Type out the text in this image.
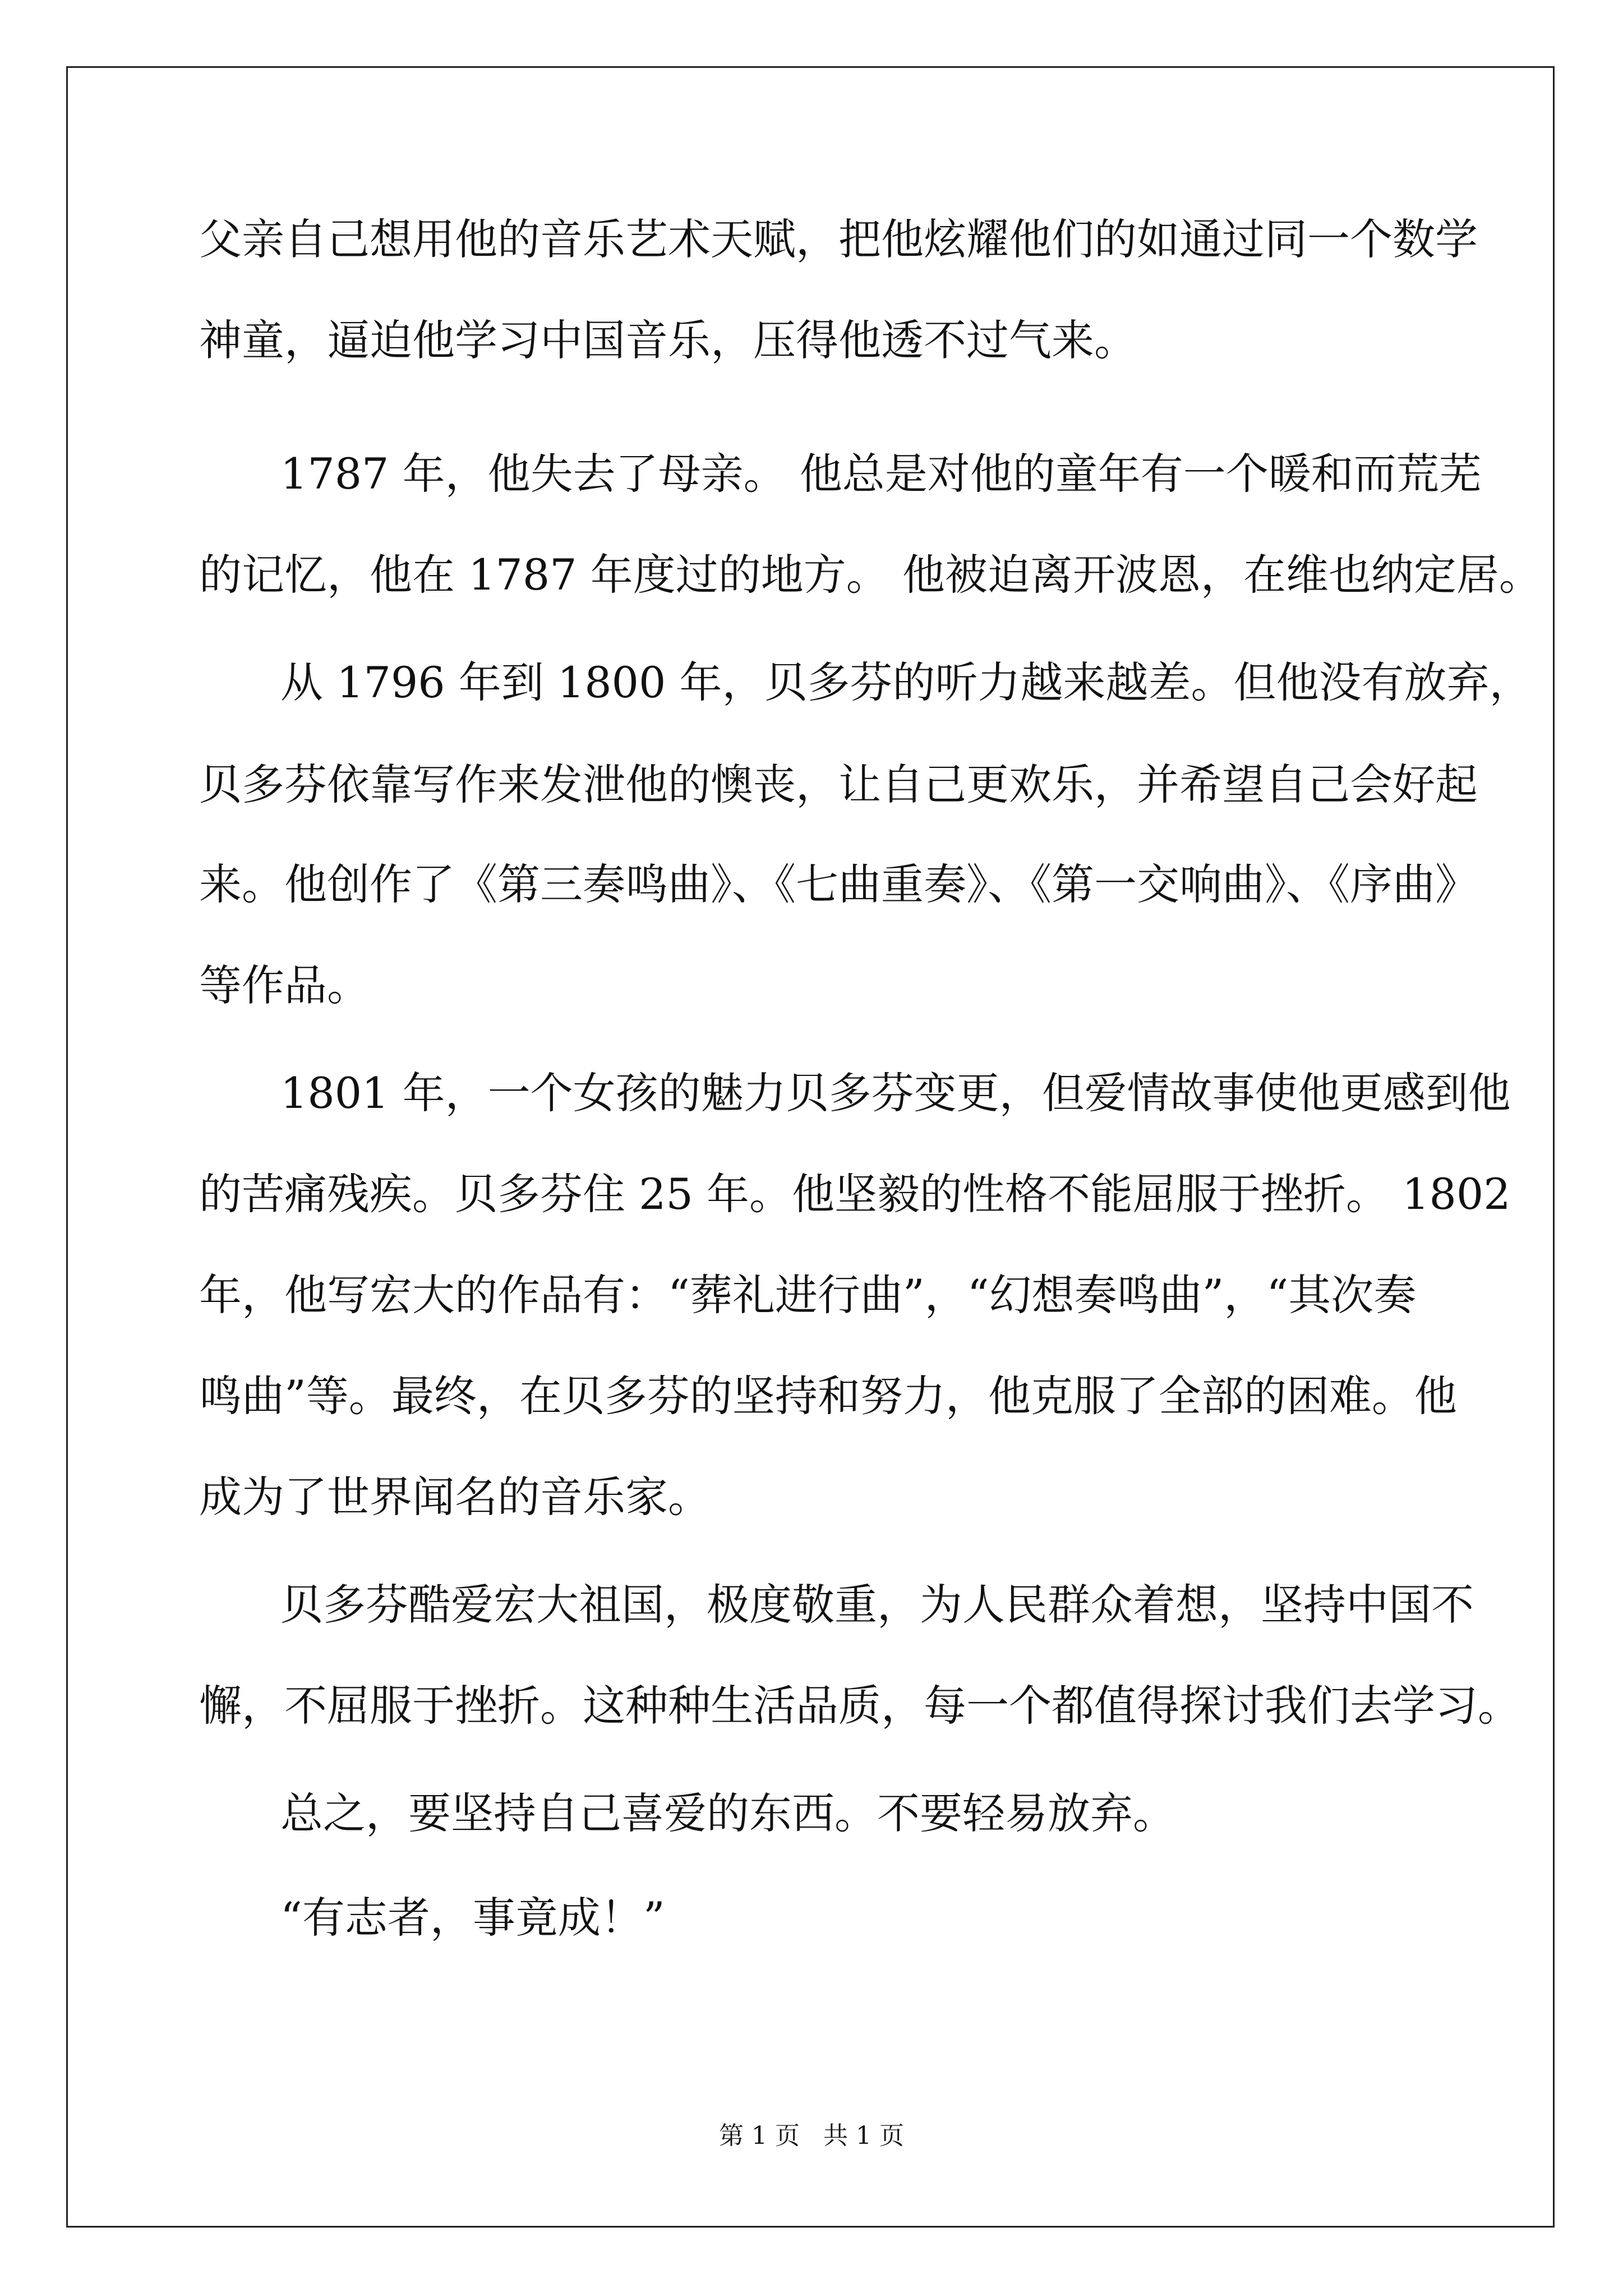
父亲自己想用他的音乐艺术天赋，把他炫耀他们的如通过同一个数学
神童，逼迫他学习中国音乐，压得他透不过气来。
1787 年，他失去了母亲。 他总是对他的童年有一个暖和而荒芜
的记忆，他在 1787 年度过的地方。 他被迫离开波恩，在维也纳定居。
从 1796 年到 1800 年，贝多芬的听力越来越差。但他没有放弃，
贝多芬依靠写作来发泄他的懊丧，让自己更欢乐，并希望自己会好起
来。他创作了《第三奏鸣曲》、《七曲重奏》、《第一交响曲》、《序曲》
等作品。
1801 年，一个女孩的魅力贝多芬变更，但爱情故事使他更感到他
的苦痛残疾。贝多芬住 25 年。他坚毅的性格不能屈服于挫折。 1802
年，他写宏大的作品有：“葬礼进行曲”，“幻想奏鸣曲”，“其次奏
鸣曲”等。最终，在贝多芬的坚持和努力，他克服了全部的困难。他
成为了世界闻名的音乐家。
贝多芬酷爱宏大祖国，极度敬重，为人民群众着想，坚持中国不
懈，不屈服于挫折。这种种生活品质，每一个都值得探讨我们去学习。
总之，要坚持自己喜爱的东西。不要轻易放弃。
“有志者，事竟成！”
第 1 页   共 1 页
